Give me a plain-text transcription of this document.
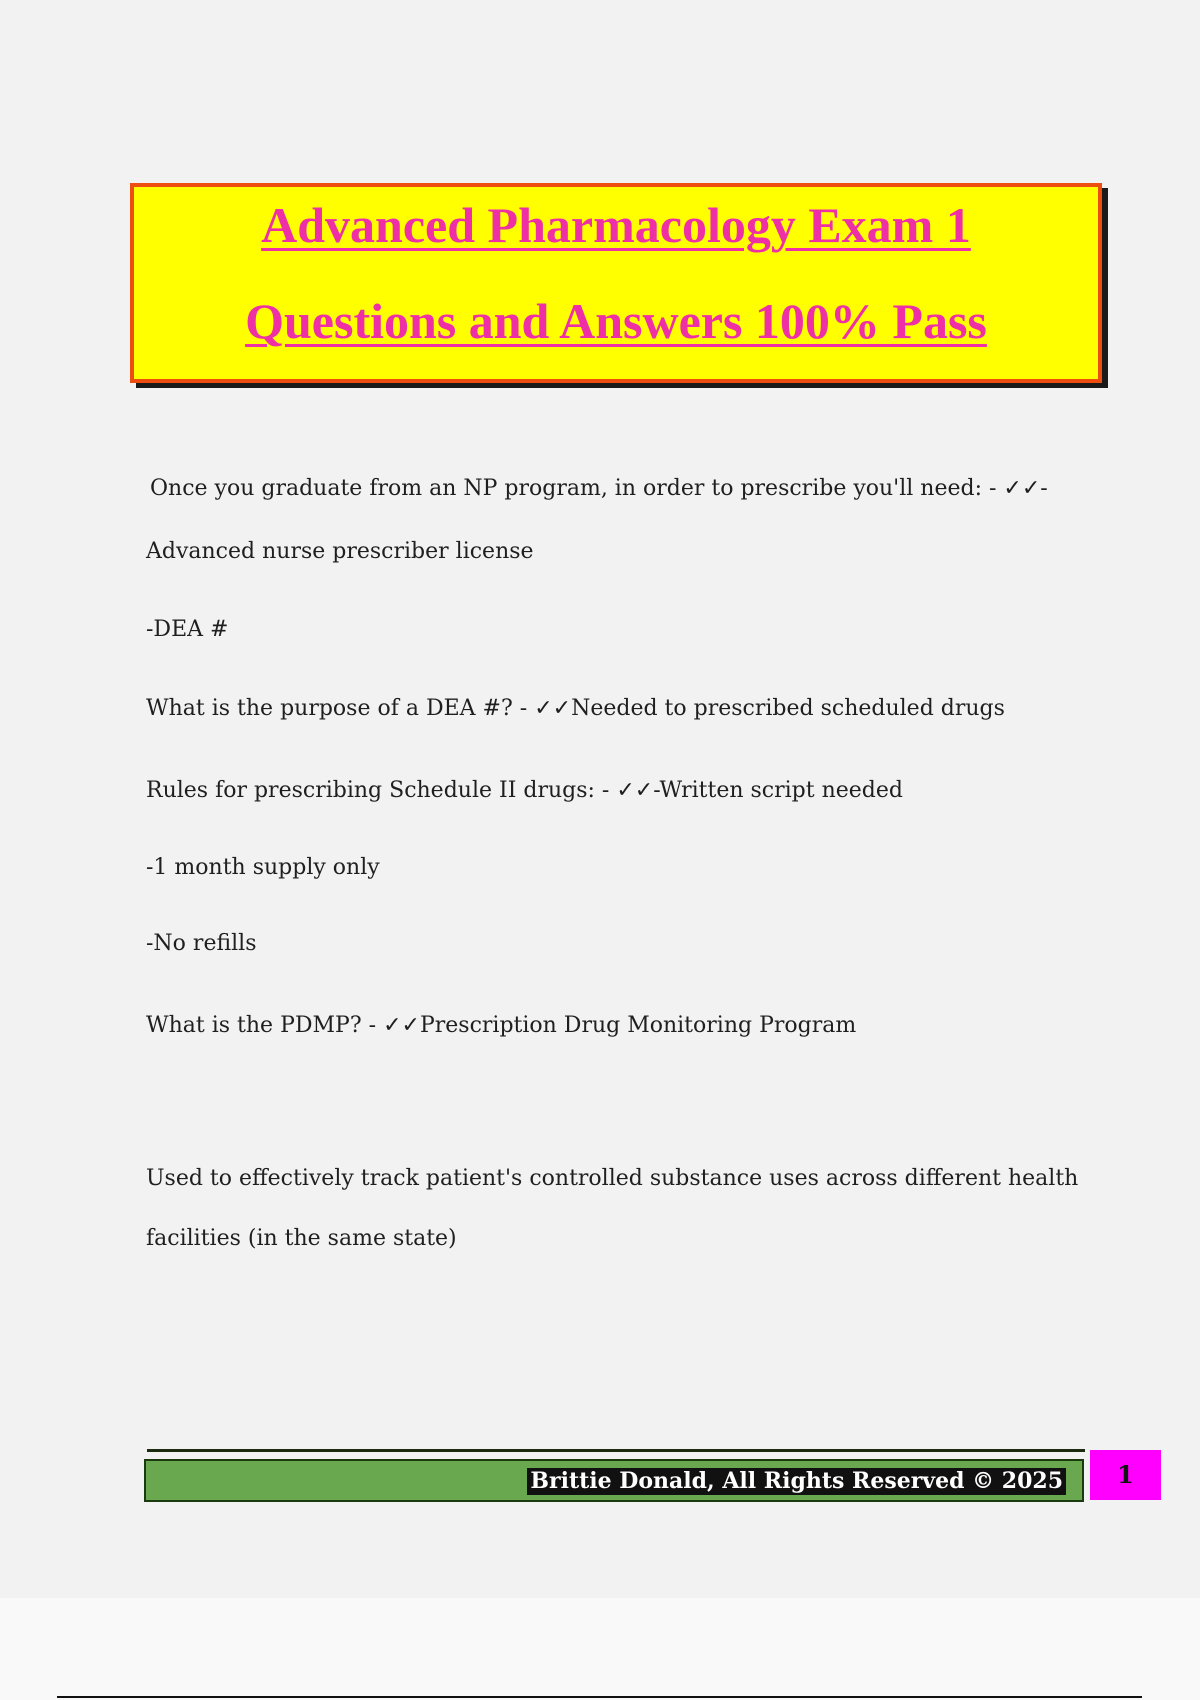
Advanced Pharmacology Exam 1
Questions and Answers 100% Pass
Once you graduate from an NP program, in order to prescribe you'll need: - ✓✓-
Advanced nurse prescriber license
-DEA #
What is the purpose of a DEA #? - ✓✓Needed to prescribed scheduled drugs
Rules for prescribing Schedule II drugs: - ✓✓-Written script needed
-1 month supply only
-No refills
What is the PDMP? - ✓✓Prescription Drug Monitoring Program
Used to effectively track patient's controlled substance uses across different health
facilities (in the same state)
Brittie Donald, All Rights Reserved © 2025	1
